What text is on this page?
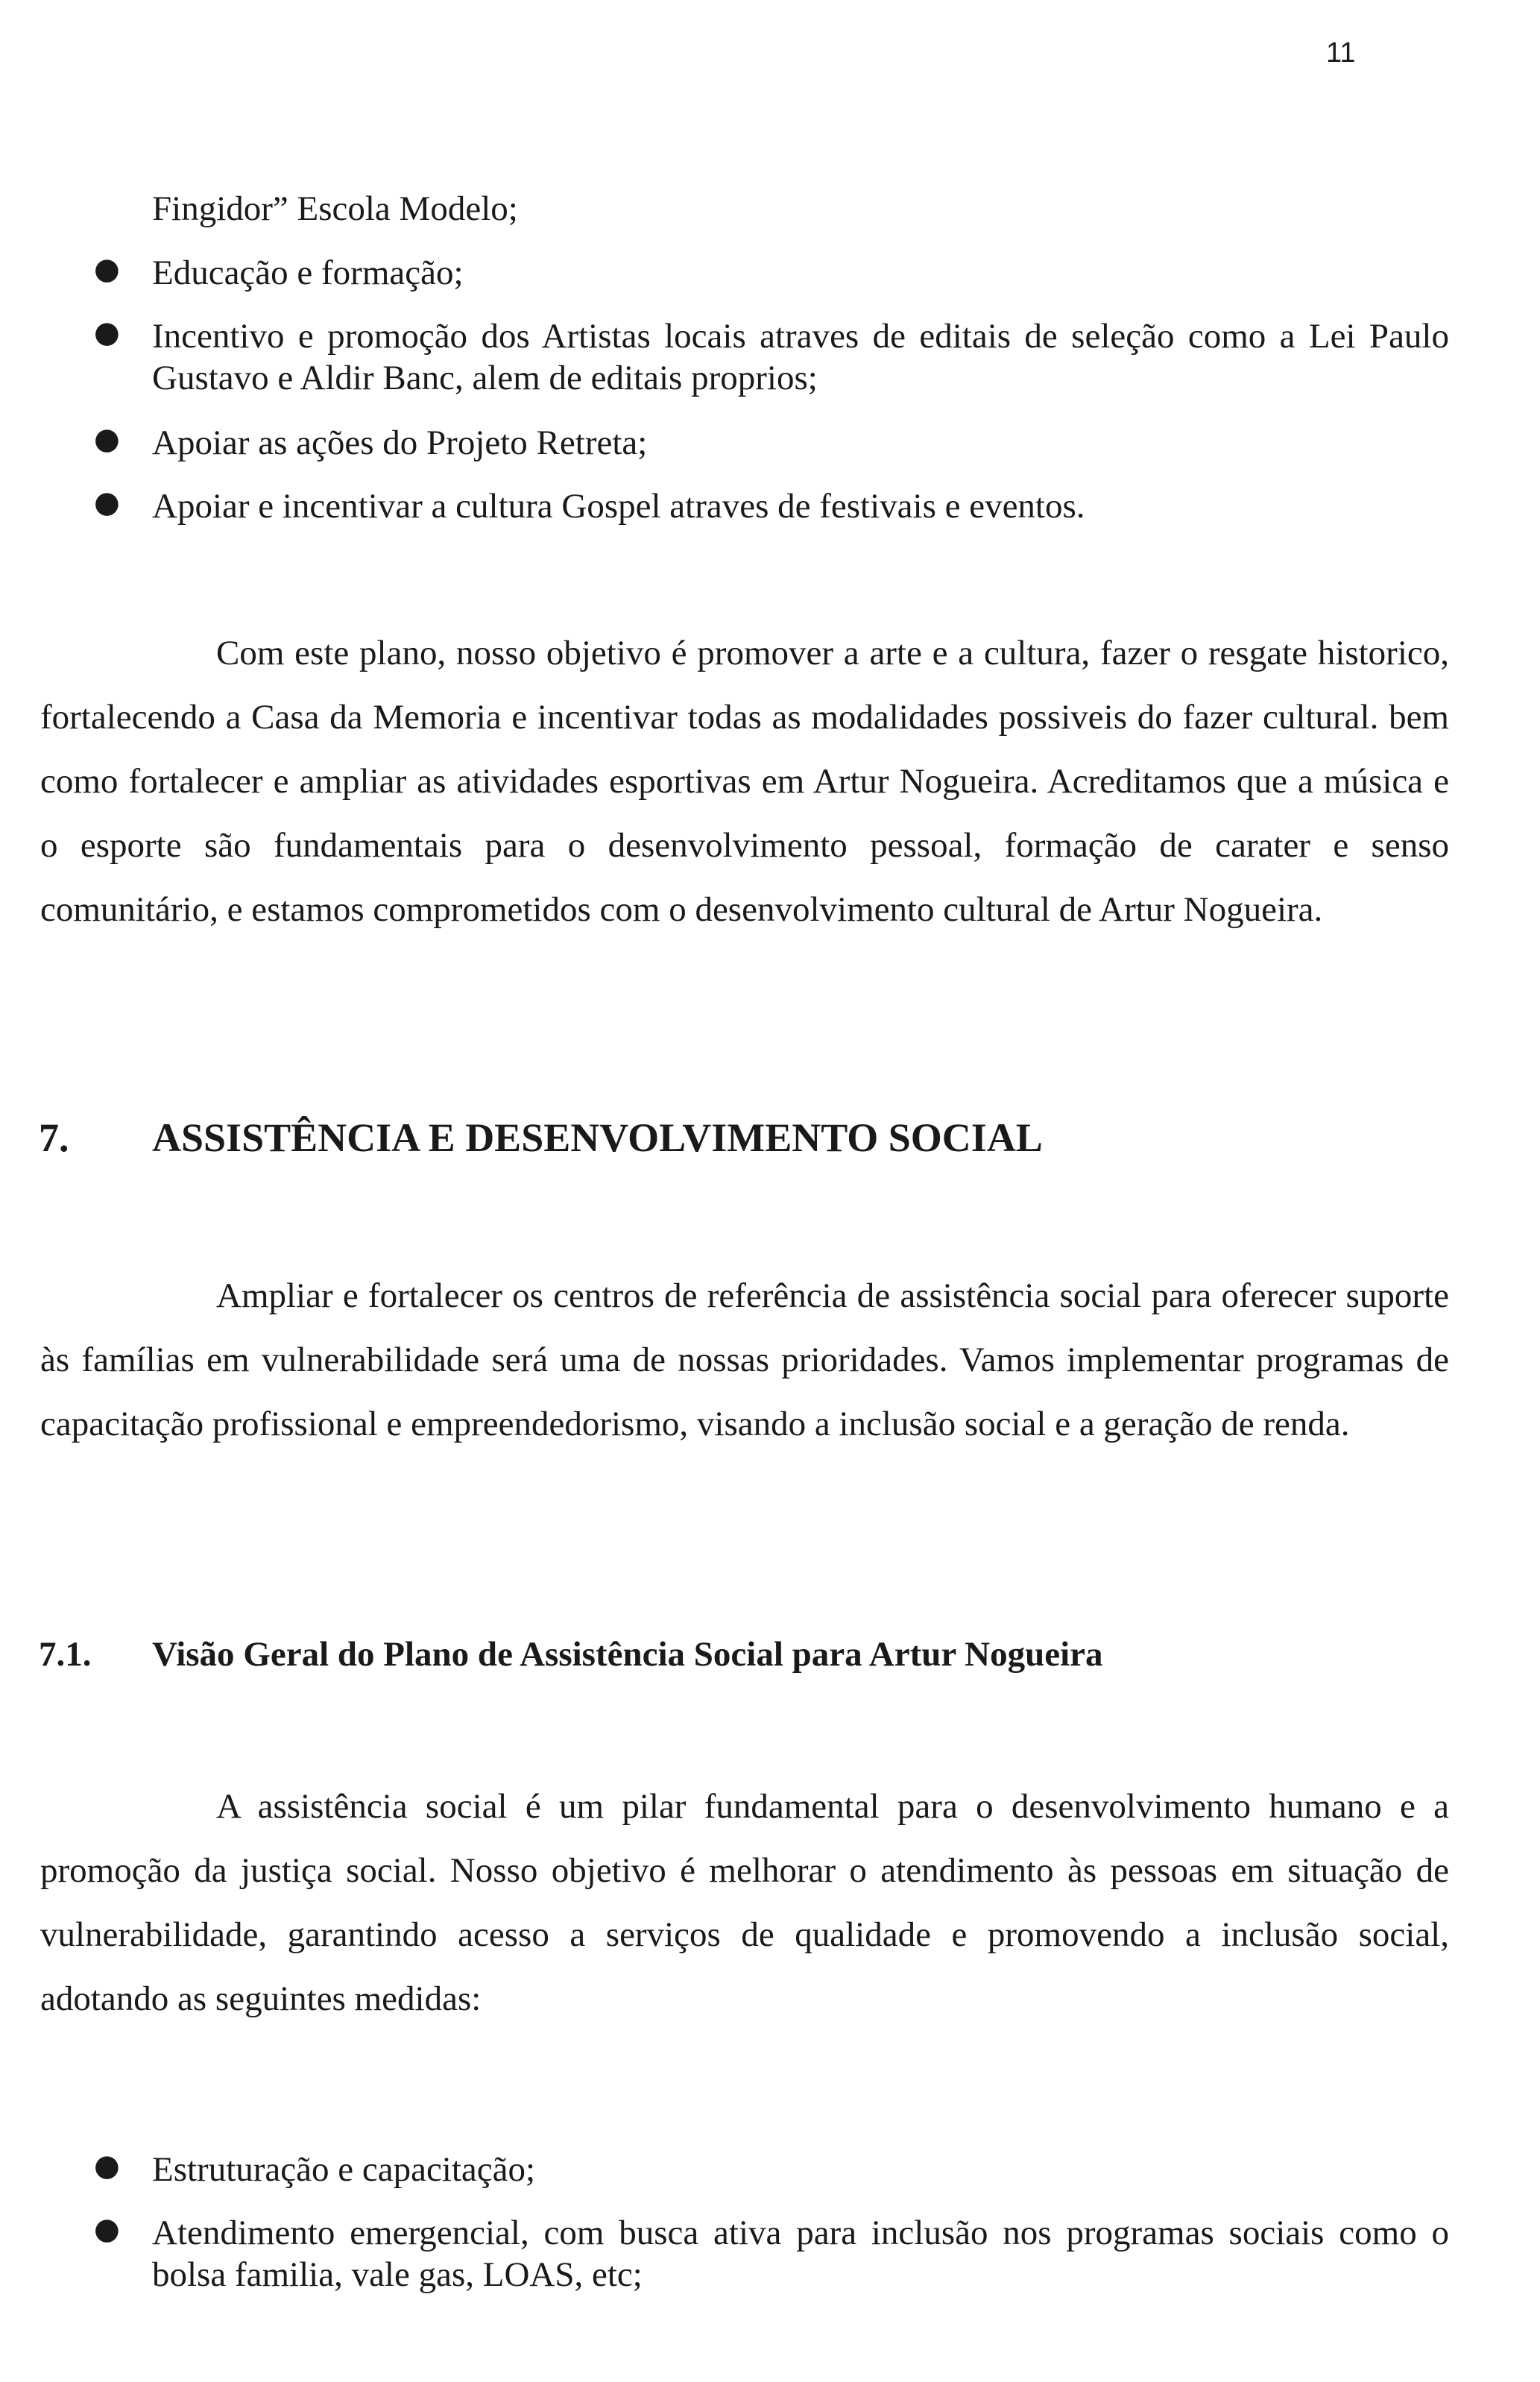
11
Fingidor” Escola Modelo;
● Educação e formação;
● Incentivo e promoção dos Artistas locais atraves de editais de seleção como a Lei Paulo Gustavo e Aldir Banc, alem de editais proprios;
● Apoiar as ações do Projeto Retreta;
● Apoiar e incentivar a cultura Gospel atraves de festivais e eventos.
Com este plano, nosso objetivo é promover a arte e a cultura, fazer o resgate historico, fortalecendo a Casa da Memoria e incentivar todas as modalidades possiveis do fazer cultural. bem como fortalecer e ampliar as atividades esportivas em Artur Nogueira. Acreditamos que a música e o esporte são fundamentais para o desenvolvimento pessoal, formação de carater e senso comunitário, e estamos comprometidos com o desenvolvimento cultural de Artur Nogueira.
7. ASSISTÊNCIA E DESENVOLVIMENTO SOCIAL
Ampliar e fortalecer os centros de referência de assistência social para oferecer suporte às famílias em vulnerabilidade será uma de nossas prioridades. Vamos implementar programas de capacitação profissional e empreendedorismo, visando a inclusão social e a geração de renda.
7.1. Visão Geral do Plano de Assistência Social para Artur Nogueira
A assistência social é um pilar fundamental para o desenvolvimento humano e a promoção da justiça social. Nosso objetivo é melhorar o atendimento às pessoas em situação de vulnerabilidade, garantindo acesso a serviços de qualidade e promovendo a inclusão social, adotando as seguintes medidas:
● Estruturação e capacitação;
● Atendimento emergencial, com busca ativa para inclusão nos programas sociais como o bolsa familia, vale gas, LOAS, etc;
